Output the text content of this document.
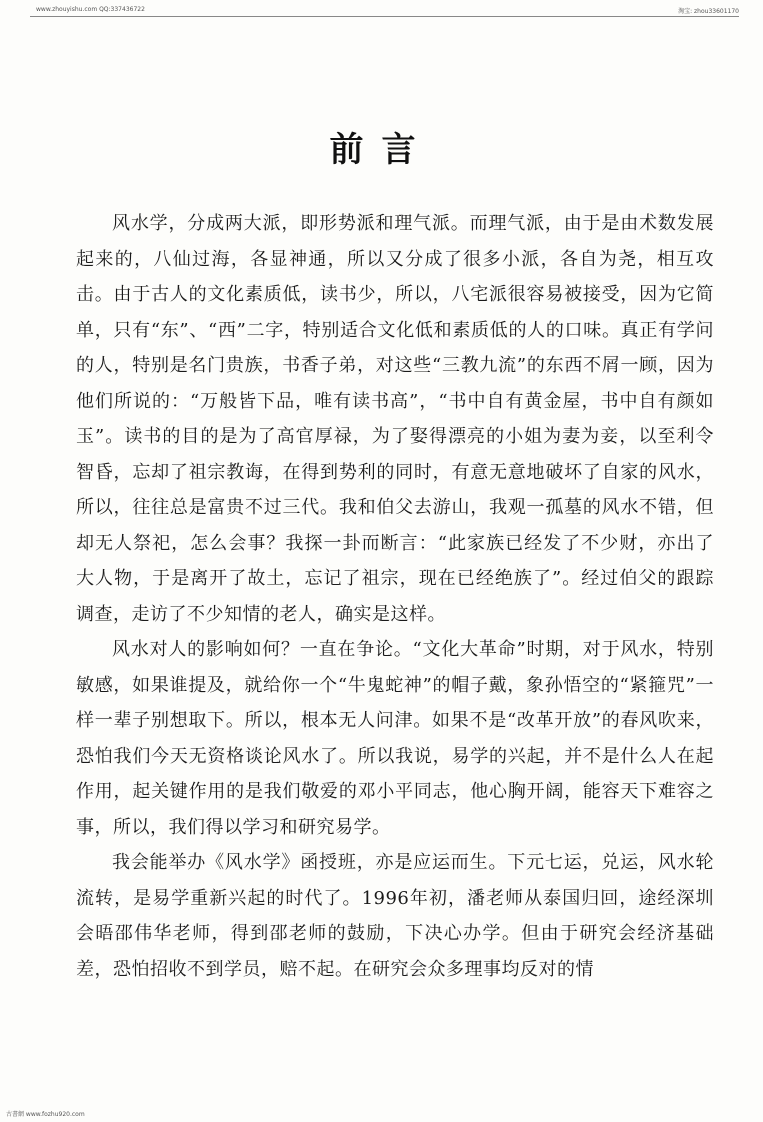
www.zhouyishu.com QQ:337436722	淘宝: zhou33601170
前言

风水学，分成两大派，即形势派和理气派。而理气派，由于是由术数发展起来的，八仙过海，各显神通，所以又分成了很多小派，各自为尧，相互攻击。由于古人的文化素质低，读书少，所以，八宅派很容易被接受，因为它简单，只有“东”、“西”二字，特别适合文化低和素质低的人的口味。真正有学问的人，特别是名门贵族，书香子弟，对这些“三教九流”的东西不屑一顾，因为他们所说的：“万般皆下品，唯有读书高”，“书中自有黄金屋，书中自有颜如玉”。读书的目的是为了高官厚禄，为了娶得漂亮的小姐为妻为妾，以至利令智昏，忘却了祖宗教诲，在得到势利的同时，有意无意地破坏了自家的风水，所以，往往总是富贵不过三代。我和伯父去游山，我观一孤墓的风水不错，但却无人祭祀，怎么会事？我探一卦而断言：“此家族已经发了不少财，亦出了大人物，于是离开了故土，忘记了祖宗，现在已经绝族了”。经过伯父的跟踪调查，走访了不少知情的老人，确实是这样。

风水对人的影响如何？一直在争论。“文化大革命”时期，对于风水，特别敏感，如果谁提及，就给你一个“牛鬼蛇神”的帽子戴，象孙悟空的“紧箍咒”一样一辈子别想取下。所以，根本无人问津。如果不是“改革开放”的春风吹来，恐怕我们今天无资格谈论风水了。所以我说，易学的兴起，并不是什么人在起作用，起关键作用的是我们敬爱的邓小平同志，他心胸开阔，能容天下难容之事，所以，我们得以学习和研究易学。

我会能举办《风水学》函授班，亦是应运而生。下元七运，兑运，风水轮流转，是易学重新兴起的时代了。1996年初，潘老师从泰国归回，途经深圳会晤邵伟华老师，得到邵老师的鼓励，下决心办学。但由于研究会经济基础差，恐怕招收不到学员，赔不起。在研究会众多理事均反对的情

古書網 www.fozhu920.com
